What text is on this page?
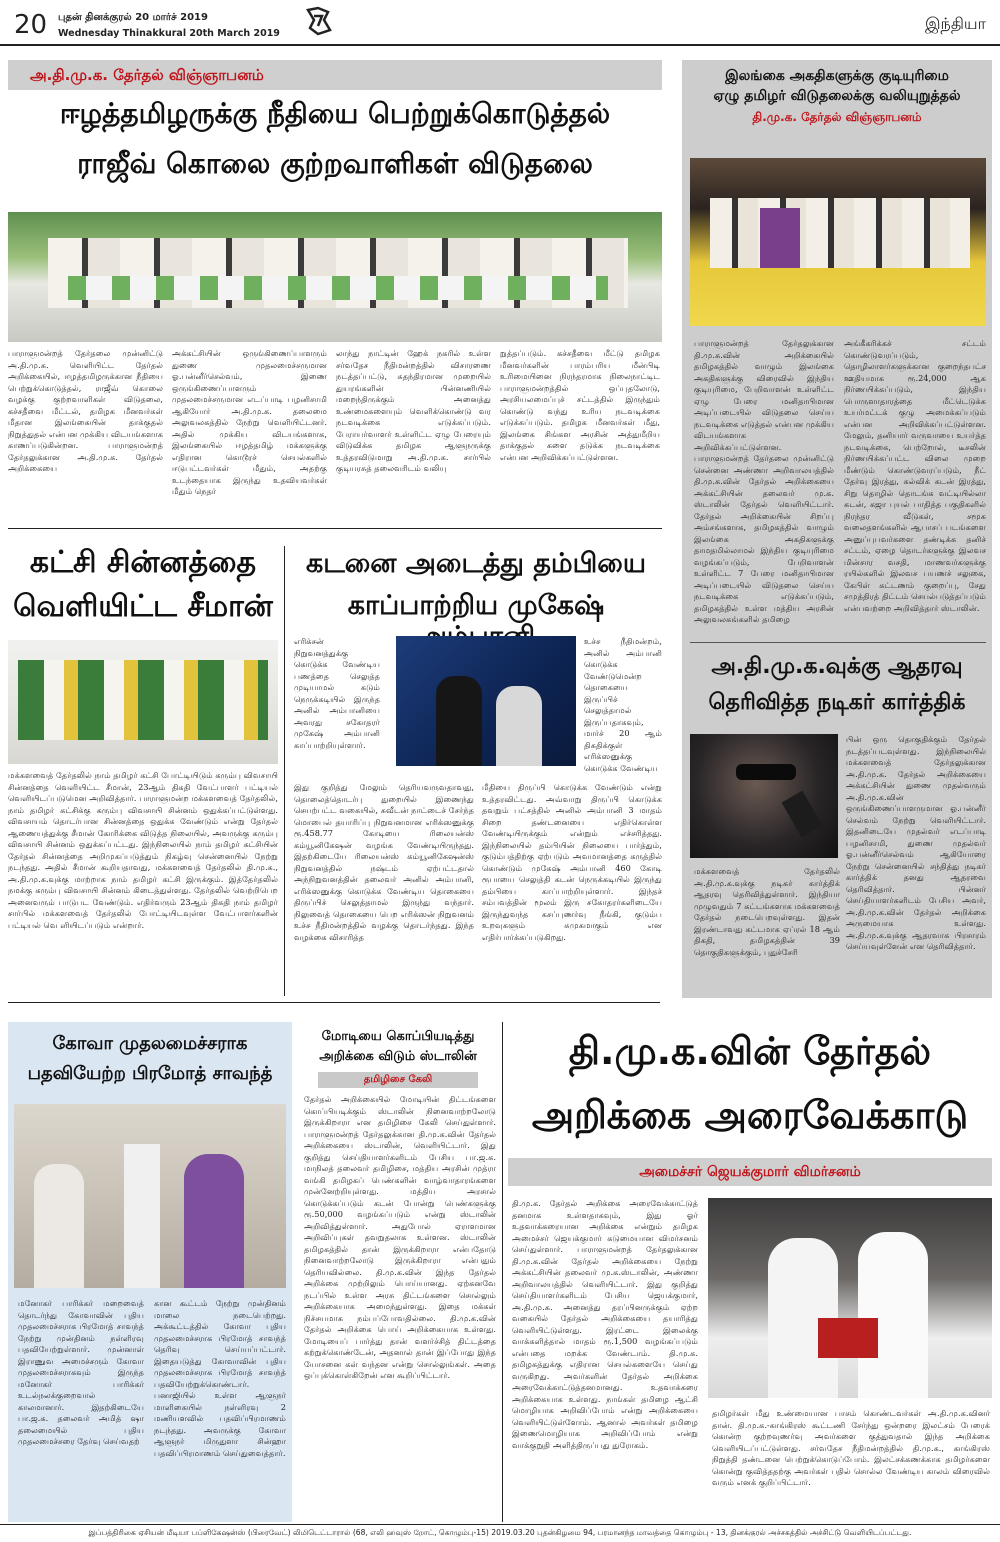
20 புதன் தினக்குரல் 20 மார்ச் 2019
Wednesday Thinakkural 20th March 2019
இந்தியா
அ.தி.மு.க. தேர்தல் விஞ்ஞாபனம்
ஈழத்தமிழருக்கு நீதியை பெற்றுக்கொடுத்தல்
ராஜீவ் கொலை குற்றவாளிகள் விடுதலை
பாராளுமன்றத் தேர்தலை முன்னிட்டு அ.தி.மு.க. வெளியிட்ட தேர்தல் அறிக்கையில், ஈழத்தமிழருக்கான நீதியை பெற்றுக்கொடுத்தல், ராஜீவ் கொலை வழக்கு குற்றவாளிகள் விடுதலை, கச்சதீவை மீட்டல், தமிழக மீனவர்கள் மீதான இலங்கையின் தாக்குதல் நிறுத்துதல் என்பன முக்கிய விடயங்களாக காணப்படுகின்றன. பாராளுமன்றத் தேர்தலுக்கான அ.தி.மு.க. தேர்தல் அறிக்கையை
அக்கட்சியின் ஒருங்கிணைப்பாளரும் துணை முதலமைச்சருமான ஓ.பன்னீர்செல்வம், இணை ஒருங்கிணைப்பாளரும் முதலமைச்சருமான எடப்பாடி பழனிசாமி ஆகியோர் அ.தி.மு.க. தலைமை அலுவலகத்தில் நேற்று வெளியிட்டனர். அதில் முக்கிய விடயங்களாக, இலங்கையில் ஈழத்தமிழ் மக்களுக்கு எதிரான கொடூரச் செயல்களில் ஈடுபட்டவர்கள் மீதும், அதற்கு உடந்தையாக இருந்து உதவியவர்கள் மீதும் நெதர்
லாந்து நாட்டின் ஹேக் நகரில் உள்ள சர்வதேச நீதிமன்றத்தில் விசாரணை நடத்தப்பட்டு, சுதந்திரமான முறையில் துயரங்களின் பின்னணியில் மறைந்திருக்கும் அனைத்து உண்மைகளையும் வெளிக்கொண்டு வர நடவடிக்கை எடுக்கப்படும். பேராயர்வாளர் உள்ளிட்ட ஏழு பேரையும் விடுவிக்க தமிழக ஆளுநருக்கு உத்தரவிடுமாறு அ.தி.மு.க. சார்பில் குடியரசுத் தலைவரிடம் வலியு
றுத்தப்படும். கச்சதீவை மீட்டு தமிழக மீனவர்களின் பாரம்பரிய மீன்பிடி உரிமையினை நிரந்தரமாக நிலைநாட்டிட பாராளுமன்றத்தில் ஒப்புதலோடு, அரசியலமைப்புச் சட்டத்தில் இருந்தும் கொண்டு வந்து உரிய நடவடிக்கை எடுக்கப்படும். தமிழக மீனவர்கள் மீது, இலங்கை சிங்கள அரசின் அத்துமீறிய தாக்குதல் களை தடுக்க நடவடிக்கை என்பன அறிவிக்கப்பட்டுள்ளன.
இலங்கை அகதிகளுக்கு குடியுரிமை
ஏழு தமிழர் விடுதலைக்கு வலியுறுத்தல்
தி.மு.க. தேர்தல் விஞ்ஞாபனம்
பாராளுமன்றத் தேர்தலுக்கான தி.மு.க.வின் அறிக்கையில் தமிழகத்தில் வாழும் இலங்கை அகதிகளுக்கு விரைவில் இந்திய குடியுரிமை, பேறிவாளன் உள்ளிட்ட ஏழு பேரை மனிதாபிமான அடிப்படையில் விடுதலை செய்ய நடவடிக்கை எடுத்தல் என்பன முக்கிய விடயங்களாக அறிவிக்கப்பட்டுள்ளன. பாராளுமன்றத் தேர்தலை முன்னிட்டு சென்னை அண்ணா அறிவாலயத்தில் தி.மு.க.வின் தேர்தல் அறிக்கையை அக்கட்சியின் தலைவர் மு.க. ஸ்டாலின் தேர்தல் வெளியிட்டார். தேர்தல் அறிக்கையின் சிறப்பு அம்சங்களாக, தமிழகத்தில் வாழும் இலங்கை அகதிகளுக்கு தாமதமில்லாமல் இந்திய குடியுரிமை வழங்கப்படும், பேறிவாளன் உள்ளிட்ட 7 பேரை மனிதாபிமான அடிப்படையில் விடுதலை செய்ய நடவடிக்கை எடுக்கப்படும், தமிழகத்தில் உள்ள மத்திய அரசின் அலுவலகங்களில் தமிழை
அங்கீகரிக்கச் சட்டம் கொண்டுவரப்படும், தொழிலாளர்களுக்கான குறைந்தபட்ச ஊதியமாக ரூ.24,000 ஆக நிர்ணயிக்கப்படும், இந்திய பொருளாதாரத்தை மீட்டெடுக்க உயர்மட்டக் குழு அமைக்கப்படும் என்பன அறிவிக்கப்பட்டுள்ளன. மேலும், தனியார் வருவாயை உயர்த்த நடவடிக்கை, பெற்றோல், டீசலின் நிர்ணயிக்கப்பட்ட விலை முறை மீண்டும் கொண்டுவரப்படும், நீட் தேர்வு இரத்து, கல்விக் கடன் இரத்து, சிறு தொழில் தொடங்க வட்டியில்லா கடன், கஜா புயல் பாதித்த பகுதிகளில் நிரந்தர வீடுகள், சமூக வலைதளங்களில் ஆபாசப் படங்களை அனுப்புபவர்களை தண்டிக்க தனிச் சட்டம், ஏழை தொடர்களுக்கு இலவச மின்சார வசதி, மாணவர்களுக்கு ரயில்களில் இலவச பயணச் சலுகை, கேபிள் கட்டணம் குறைப்பு, சேது சமுத்திரத் திட்டம் செயல்படுத்தப்படும் என்பவற்றை அறிவித்தார் ஸ்டாலின்.
அ.தி.மு.க.வுக்கு ஆதரவு
தெரிவித்த நடிகர் கார்த்திக்
பின் ஒரு தொகுதிக்கும் தேர்தல் நடத்தப்படவுள்ளது. இந்நிலையில் மக்களவைத் தேர்தலுக்கான அ.தி.மு.க. தேர்தல் அறிக்கையை அக்கட்சியின் துணை முதல்வரும் அ.தி.மு.க.வின் ஒருங்கிணைப்பாளருமான ஓ.பன்னீர் செல்வம் நேற்று வெளியிட்டார். இதனிடையே முதல்வர் எடப்பாடி பழனிசாமி, துணை முதல்வர் ஓ.பன்னீர்செல்வம் ஆகியோரை நேற்று சென்னையில் சந்தித்து நடிகர் கார்த்திக் தனது ஆதரவை தெரிவித்தார். பின்னர் செய்தியாளர்களிடம் பேசிய அவர், அ.தி.மு.க.வின் தேர்தல் அறிக்கை அருமையாக உள்ளது. அ.தி.மு.க.வுக்கு ஆதரவாக பிரசாரம் செய்யவுள்ளேன் என தெரிவித்தார்.
மக்களவைத் தேர்தலில் அ.தி.மு.க.வுக்கு நடிகர் கார்த்திக் ஆதரவு தெரிவித்துள்ளார். இந்தியா முழுவதும் 7 கட்டங்களாக மக்களவைத் தேர்தல் நடைபெறவுள்ளது. இதன் இரண்டாவது கட்டமாக ஏப்ரல் 18 ஆம் திகதி, தமிழகத்தின் 39 தொகுதிகளுக்கும், புதுச்சேரி
கட்சி சின்னத்தை
வெளியிட்ட சீமான்
மக்களவைத் தேர்தலில் நாம் தமிழர் கட்சி போட்டியிடும் கரும்பு விவசாயி சின்னத்தை வெளியிட்ட சீமான், 23ஆம் திகதி வேட்பாளர் பட்டியல் வெளியிடப்படுமென அறிவித்தார். பாராளுமன்ற மக்களவைத் தேர்தலில், நாம் தமிழர் கட்சிக்கு கரும்பு விவசாயி சின்னம் ஒதுக்கப்பட்டுள்ளது. விவசாயம் தொடர்பான சின்னத்தை ஒதுக்க வேண்டும் என்று தேர்தல் ஆணையத்துக்கு சீமான் கோரிக்கை விடுத்த நிலையில், அவருக்கு கரும்பு விவசாயி சின்னம் ஒதுக்கப்பட்டது. இந்நிலையில் நாம் தமிழர் கட்சியின் தேர்தல் சின்னத்தை அறிமுகப்படுத்தும் நிகழ்வு சென்னையில் நேற்று நடந்தது. அதில் சீமான் கூறியதாவது, மக்களவைத் தேர்தலில் தி.மு.க., அ.தி.மு.க.வுக்கு மாற்றாக நாம் தமிழர் கட்சி இருக்கும். இத்தேர்தலில் நமக்கு கரும்பு விவசாயி சின்னம் கிடைத்துள்ளது. தேர்தலில் வெற்றிபெற அனைவரும் பாடுபட வேண்டும். எதிர்வரும் 23ஆம் திகதி நாம் தமிழர் சார்பில் மக்களவைத் தேர்தலில் போட்டியிடவுள்ள வேட்பாளர்களின் பட்டியல் வெ ளியிடப்படும் என்றார்.
கடனை அடைத்து தம்பியை
காப்பாற்றிய முகேஷ்
எரிக்சன் நிறுவனத்துக்கு கொடுக்க வேண்டிய பணத்தை செலுத்த முடியாமல் கடும் நெருக்கடியில் இருந்த அனில் அம்பானியை அவரது சகோதரர் முகேஷ் அம்பானி காப்பாற்றியுள்ளார்.
உச்ச நீதிமன்றம், அனில் அம்பானி கொடுக்க வேண்டுமென்ற தொகையை இருப்பிச் செலுத்தாமல் இருப்பதாகவும், மார்ச் 20 ஆம் திகதிக்குள் எரிக்ஸனுக்கு கொடுக்க வேண்டிய
இது குறித்து மேலும் தெரியவருவதாவது, தொலைத்தொடர்பு துறையில் இணைந்து செயற்பட்ட வகையில், சுவீடன் நாட்டைச் சேர்ந்த மொபைல் தயாரிப்பு நிறுவனமான எரிக்ஸனுக்கு ரூ.458.77 கோடியை ரிலையன்ஸ் கம்யூனிகேஷன் வழங்க வேண்டியிருந்தது. இதற்கிடையே ரிலையன்ஸ் கம்யூனிகேஷன்ஸ் நிறுவனத்தில் நஷ்டம் ஏற்பட்டதால் அந்நிறுவனத்தின் தலைவர் அனில் அம்பானி, எரிக்ஸனுக்கு கொடுக்க வேண்டிய தொகையை திருப்பிச் செலுத்தாமல் இருந்து வந்தார். நிலுவைத் தொகையை பெற எரிக்ஸன் நிறுவனம் உச்ச நீதிமன்றத்தில் வழக்கு தொடர்ந்தது. இந்த வழக்கை விசாரித்த
மீதியை திருப்பி கொடுக்க வேண்டும் என்று உத்தரவிட்டது. அவ்வாறு திருப்பி கொடுக்க தவறும் பட்சத்தில் அனில் அம்பானி 3 மாதம் சிறை தண்டனையை எதிர்கொள்ள வேண்டியிருக்கும் என்றும் எச்சரித்தது. இந்நிலையில் தம்பியின் நிலையை பார்த்தும், குடும்பத்திற்கு ஏற்படும் அவமானத்தை கருத்தில் கொண்டும் முகேஷ் அம்பானி 460 கோடி ரூபாயை செலுத்தி கடன் நெருக்கடியில் இருந்து தம்பியை காப்பாற்றியுள்ளார். இந்தச் சம்பவத்தின் மூலம் இரு சகோதரர்களிடையே இருந்துவந்த கசப்புணர்வு நீங்கி, குடும்ப உறவுகளும் சுமுகமாகும் என எதிர்பார்க்கப்படுகிறது.
கோவா முதலமைச்சராக
பதவியேற்ற பிரமோத் சாவந்த்
மனோகர் பாரிக்கர் மறைவைத் தொடர்ந்து கோவாவின் புதிய முதலமைச்சராக பிரமோத் சாவந்த் நேற்று முன்தினம் நள்ளிரவு பதவியேற்றுள்ளார். முன்னாள் இராணுவ அமைச்சரும் கோவா முதலமைச்சராகவும் இருந்த மனோகர் பாரிக்கர் உடல்நலக்குறைவால் காலமானார். இதற்கிடையே பா.ஜ.க. தலைவர் அமித் ஷா தலைமையில் புதிய முதலமைச்சரை தேர்வு செய்வதற்
கான கூட்டம் நேற்று முன்தினம் மாலை நடைபெற்றது. அக்கூட்டத்தில் கோவா புதிய முதலமைச்சராக பிரமோத் சாவந்த் தெரிவு செய்யப்பட்டார். இதையடுத்து கோவாவின் புதிய முதலமைச்சராக பிரமோத் சாவந்த் பதவியேற்றுக்கொண்டார். பனாஜியில் உள்ள ஆளுநர் மாளிகையில் நள்ளிரவு 2 மணியளவில் பதவிப்பிரமாணம் நடந்தது. அவருக்கு கோவா ஆளுநர் மிருதுளா சின்ஹா பதவிப்பிரமாணம் செய்துவைத்தார்.
மோடியை கொப்பியடித்து
அறிக்கை விடும் ஸ்டாலின்
தமிழிசை கேலி
தேர்தல் அறிக்கையில் மோடியின் திட்டங்களை கொப்பியடிக்கும் ஸ்டாலின் நினைவாற்றலோடு இருக்கிறாரா என தமிழிசை கேலி செய்துள்ளார். பாராளுமன்றத் தேர்தலுக்கான தி.மு.க.வின் தேர்தல் அறிக்கையை ஸ்டாலின், வெளியிட்டார். இது குறித்து செய்தியாளர்களிடம் பேசிய பா.ஜ.க. மாநிலத் தலைவர் தமிழிசை, மத்திய அரசின் முத்ரா வங்கி தமிழகப் பெண்களின் வாழ்வாதாரங்களை முன்னேற்றியுள்ளது. மத்திய அரசால் கொடுக்கப்படும் கடன் போன்று பெண்களுக்கு ரூ.50,000 வழங்கப்படும் என்று ஸ்டாலின் அறிவித்துள்ளார். அதுபோல் ஏராளமான அறிவிப்புகள் தவறுதலாக உள்ளன. ஸ்டாலின் தமிழகத்தில் தான் இருக்கிறாரா என்பதோடு நினைவாற்றலோடு இருக்கிறாரா என்பதும் தெரியவில்லை. தி.மு.க.வின் இந்த தேர்தல் அறிக்கை முற்றிலும் பொய்யானது. ஏற்கனவே நடப்பில் உள்ள அரசு திட்டங்களை சொல்லும் அறிக்கையாக அமைந்துள்ளது. இதை மக்கள் நிச்சயமாக நம்பப்போவதில்லை. தி.மு.க.வின் தேர்தல் அறிக்கை பொய் அறிக்கையாக உள்ளது. மோடியைப் பார்த்து தான் வளர்ச்சித் திட்டத்தை கற்றுக்கொண்டேன், அதனால் தான் இப்போது இந்த யோசனை கள் வந்தன என்று சொல்லுங்கள். அதை ஒப்புக்கொள்கிறேன் என கூறிப்பிட்டார்.
தி.மு.க.வின் தேர்தல்
அறிக்கை அரைவேக்காடு
அமைச்சர் ஜெயக்குமார் விமர்சனம்
தி.மு.க. தேர்தல் அறிக்கை அரைவேக்காட்டுத் தனமாக உள்ளதாகவும், இது ஓர் உதவாக்கரையான அறிக்கை என்றும் தமிழக அமைச்சர் ஜெயக்குமார் கடுமையான விமர்சனம் செய்துள்ளார். பாராளுமன்றத் தேர்தலுக்கான தி.மு.க.வின் தேர்தல் அறிக்கையை நேற்று அக்கட்சியின் தலைவர் மு.க.ஸ்டாலின், அண்ணா அறிவாலயத்தில் வெளியிட்டார். இது குறித்து செய்தியாளர்களிடம் பேசிய ஜெயக்குமார், அ.தி.மு.க. அனைத்து தரப்பினருக்கும் ஏற்ற வகையில் தேர்தல் அறிக்கையை தயாரித்து வெளியிட்டுள்ளது. இரட்டை இலைக்கு வாக்களித்தால் மாதம் ரூ.1,500 வழங்கப்படும் என்பதை மறக்க வேண்டாம். தி.மு.க. தமிழகத்துக்கு எதிரான செயல்களையே செய்து வருகிறது. அவர்களின் தேர்தல் அறிக்கை அரைவேக்காட்டுத்தனமானது. உதவாக்கரை அறிக்கையாக உள்ளது. நாங்கள் தமிழை ஆட்சி மொழியாக அறிவிப்போம் என்று அறிக்கையை வெளியிட்டுள்ளோம். ஆனால் அவர்கள் தமிழை இணைமொழியாக அறிவிப்போம் என்று வாக்குறுதி அளித்திருப்பது துரோகம்.
தமிழர்கள் மீது உண்மையான பாசம் கொண்டவர்கள் அ.தி.மு.க.வினர் தான். தி.மு.க.-காங்கிரஸ் கூட்டணி சேர்ந்து ஒன்றரை இலட்சம் பேரைக் கொன்ற குற்றவுணர்வு அவர்களை குத்துவதால் இந்த அறிக்கை வெளியிடப்பட்டுள்ளது. சர்வதேச நீதிமன்றத்தில் தி.மு.க., காங்கிரஸ் நிறுத்தி தண்டனை பெற்றுக்கொடுப்போம். இலட்சக்கணக்காக தமிழர்களை கொன்று குவித்ததற்கு அவர்கள் பதில் சொல்ல வேண்டிய காலம் விரைவில் வரும் எனக் குறிப்பிட்டார்.
இப்பத்திரிகை ஏசியன் மீடியா பப்ளிகேஷன்ஸ் (பிரைவேட்) லிமிடெட்டாரால் (68, எலி ஹவுஸ் றோட், கொழும்பு-15) 2019.03.20 புதன்கிழமை 94, பரமானந்த மாவத்தை கொழும்பு - 13, தினக்குரல் அச்சகத்தில் அச்சிட்டு வெளியிடப்பட்டது.
